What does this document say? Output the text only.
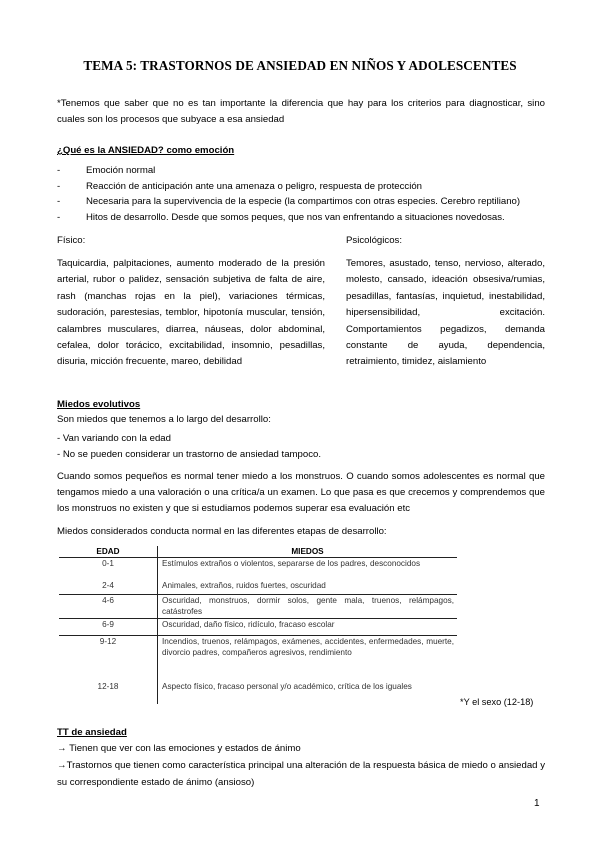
TEMA 5: TRASTORNOS DE ANSIEDAD EN NIÑOS Y ADOLESCENTES
*Tenemos que saber que no es tan importante la diferencia que hay para los criterios para diagnosticar, sino cuales son los procesos que subyace a esa ansiedad
¿Qué es la ANSIEDAD? como emoción
- Emoción normal
- Reacción de anticipación ante una amenaza o peligro, respuesta de protección
- Necesaria para la supervivencia de la especie (la compartimos con otras especies. Cerebro reptiliano)
- Hitos de desarrollo. Desde que somos peques, que nos van enfrentando a situaciones novedosas.
Físico:	Psicológicos:
Taquicardia, palpitaciones, aumento moderado de la presión arterial, rubor o palidez, sensación subjetiva de falta de aire, rash (manchas rojas en la piel), variaciones térmicas, sudoración, parestesias, temblor, hipotonía muscular, tensión, calambres musculares, diarrea, náuseas, dolor abdominal, cefalea, dolor torácico, excitabilidad, insomnio, pesadillas, disuria, micción frecuente, mareo, debilidad
Temores, asustado, tenso, nervioso, alterado, molesto, cansado, ideación obsesiva/rumias, pesadillas, fantasías, inquietud, inestabilidad, hipersensibilidad, excitación. Comportamientos pegadizos, demanda constante de ayuda, dependencia, retraimiento, timidez, aislamiento
Miedos evolutivos
Son miedos que tenemos a lo largo del desarrollo:
- Van variando con la edad
- No se pueden considerar un trastorno de ansiedad tampoco.
Cuando somos pequeños es normal tener miedo a los monstruos. O cuando somos adolescentes es normal que tengamos miedo a una valoración o una crítica/a un examen. Lo que pasa es que crecemos y comprendemos que los monstruos no existen y que si estudiamos podemos superar esa evaluación etc
Miedos considerados conducta normal en las diferentes etapas de desarrollo:
EDAD	MIEDOS
0-1	Estímulos extraños o violentos, separarse de los padres, desconocidos
2-4	Animales, extraños, ruidos fuertes, oscuridad
4-6	Oscuridad, monstruos, dormir solos, gente mala, truenos, relámpagos, catástrofes
6-9	Oscuridad, daño físico, ridículo, fracaso escolar
9-12	Incendios, truenos, relámpagos, exámenes, accidentes, enfermedades, muerte, divorcio padres, compañeros agresivos, rendimiento
12-18	Aspecto físico, fracaso personal y/o académico, crítica de los iguales
*Y el sexo (12-18)
TT de ansiedad
→ Tienen que ver con las emociones y estados de ánimo
→Trastornos que tienen como característica principal una alteración de la respuesta básica de miedo o ansiedad y su correspondiente estado de ánimo (ansioso)
1
